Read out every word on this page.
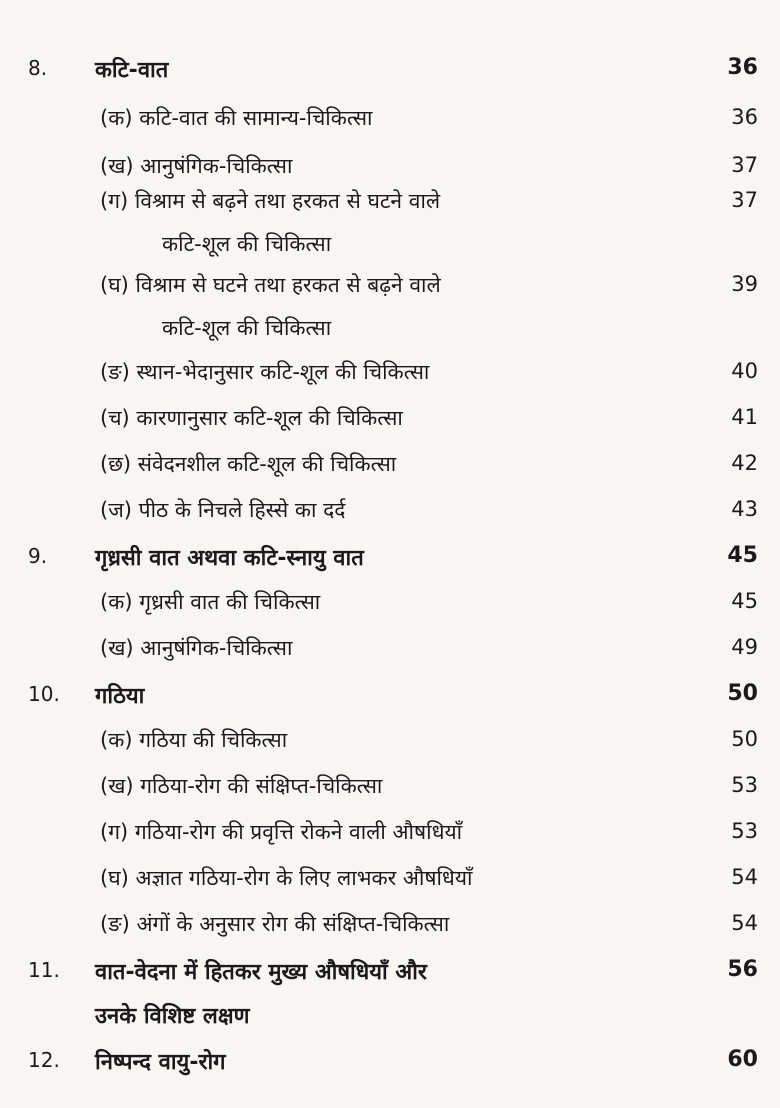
8. कटि-वात	36
(क) कटि-वात की सामान्य-चिकित्सा	36
(ख) आनुषंगिक-चिकित्सा	37
(ग) विश्राम से बढ़ने तथा हरकत से घटने वाले	37
कटि-शूल की चिकित्सा
(घ) विश्राम से घटने तथा हरकत से बढ़ने वाले	39
कटि-शूल की चिकित्सा
(ङ) स्थान-भेदानुसार कटि-शूल की चिकित्सा	40
(च) कारणानुसार कटि-शूल की चिकित्सा	41
(छ) संवेदनशील कटि-शूल की चिकित्सा	42
(ज) पीठ के निचले हिस्से का दर्द	43
9. गृध्रसी वात अथवा कटि-स्नायु वात	45
(क) गृध्रसी वात की चिकित्सा	45
(ख) आनुषंगिक-चिकित्सा	49
10. गठिया	50
(क) गठिया की चिकित्सा	50
(ख) गठिया-रोग की संक्षिप्त-चिकित्सा	53
(ग) गठिया-रोग की प्रवृत्ति रोकने वाली औषधियाँ	53
(घ) अज्ञात गठिया-रोग के लिए लाभकर औषधियाँ	54
(ङ) अंगों के अनुसार रोग की संक्षिप्त-चिकित्सा	54
11. वात-वेदना में हितकर मुख्य औषधियाँ और	56
उनके विशिष्ट लक्षण
12. निष्पन्द वायु-रोग	60
